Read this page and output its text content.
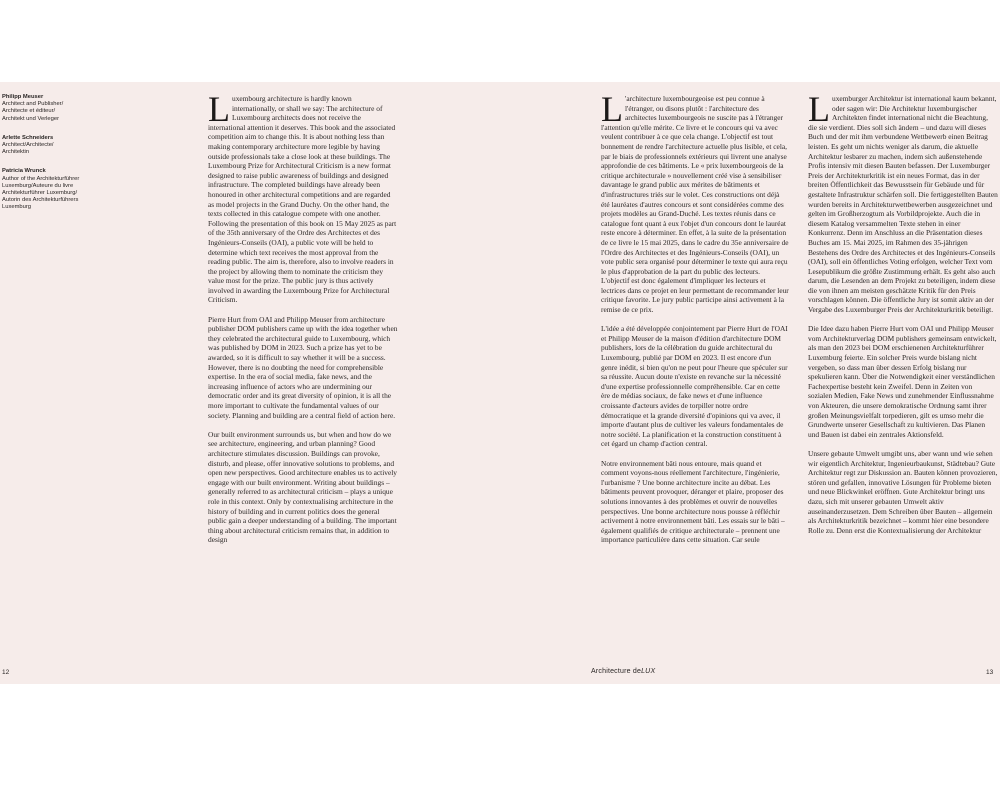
Philipp Meuser
Architect and Publisher/
Architecte et éditeur/
Architekt und Verleger
Arlette Schneiders
Architect/Architecte/
Architektin
Patricia Wrunck
Author of the Architekturführer
Luxemburg/Auteure du livre
Architekturführer Luxemburg/
Autorin des Architekturführers
Luxemburg

Luxembourg architecture is hardly known internationally, or shall we say: The architecture of Luxembourg architects does not receive the international attention it deserves. This book and the associated competition aim to change this. It is about nothing less than making contemporary architecture more legible by having outside professionals take a close look at these buildings. The Luxembourg Prize for Architectural Criticism is a new format designed to raise public awareness of buildings and designed infrastructure. The completed buildings have already been honoured in other architectural competitions and are regarded as model projects in the Grand Duchy. On the other hand, the texts collected in this catalogue compete with one another. Following the presentation of this book on 15 May 2025 as part of the 35th anniversary of the Ordre des Architectes et des Ingénieurs-Conseils (OAI), a public vote will be held to determine which text receives the most approval from the reading public. The aim is, therefore, also to involve readers in the project by allowing them to nominate the criticism they value most for the prize. The public jury is thus actively involved in awarding the Luxembourg Prize for Architectural Criticism.

Pierre Hurt from OAI and Philipp Meuser from architecture publisher DOM publishers came up with the idea together when they celebrated the architectural guide to Luxembourg, which was published by DOM in 2023. Such a prize has yet to be awarded, so it is difficult to say whether it will be a success. However, there is no doubting the need for comprehensible expertise. In the era of social media, fake news, and the increasing influence of actors who are undermining our democratic order and its great diversity of opinion, it is all the more important to cultivate the fundamental values of our society. Planning and building are a central field of action here.

Our built environment surrounds us, but when and how do we see architecture, engineering, and urban planning? Good architecture stimulates discussion. Buildings can provoke, disturb, and please, offer innovative solutions to problems, and open new perspectives. Good architecture enables us to actively engage with our built environment. Writing about buildings – generally referred to as architectural criticism – plays a unique role in this context. Only by contextualising architecture in the history of building and in current politics does the general public gain a deeper understanding of a building. The important thing about architectural criticism remains that, in addition to design

L 'architecture luxembourgeoise est peu connue à l'étranger, ou disons plutôt : l'architecture des architectes luxembourgeois ne suscite pas à l'étranger l'attention qu'elle mérite. Ce livre et le concours qui va avec veulent contribuer à ce que cela change. L'objectif est tout bonnement de rendre l'architecture actuelle plus lisible, et cela, par le biais de professionnels extérieurs qui livrent une analyse approfondie de ces bâtiments. Le « prix luxembourgeois de la critique architecturale » nouvellement créé vise à sensibiliser davantage le grand public aux mérites de bâtiments et d'infrastructures triés sur le volet. Ces constructions ont déjà été lauréates d'autres concours et sont considérées comme des projets modèles au Grand-Duché. Les textes réunis dans ce catalogue font quant à eux l'objet d'un concours dont le lauréat reste encore à déterminer. En effet, à la suite de la présentation de ce livre le 15 mai 2025, dans le cadre du 35e anniversaire de l'Ordre des Architectes et des Ingénieurs-Conseils (OAI), un vote public sera organisé pour déterminer le texte qui aura reçu le plus d'approbation de la part du public des lecteurs. L'objectif est donc également d'impliquer les lecteurs et lectrices dans ce projet en leur permettant de recommander leur critique favorite. Le jury public participe ainsi activement à la remise de ce prix.

L'idée a été développée conjointement par Pierre Hurt de l'OAI et Philipp Meuser de la maison d'édition d'architecture DOM publishers, lors de la célébration du guide architectural du Luxembourg, publié par DOM en 2023. Il est encore d'un genre inédit, si bien qu'on ne peut pour l'heure que spéculer sur sa réussite. Aucun doute n'existe en revanche sur la nécessité d'une expertise professionnelle compréhensible. Car en cette ère de médias sociaux, de fake news et d'une influence croissante d'acteurs avides de torpiller notre ordre démocratique et la grande diversité d'opinions qui va avec, il importe d'autant plus de cultiver les valeurs fondamentales de notre société. La planification et la construction constituent à cet égard un champ d'action central.

Notre environnement bâti nous entoure, mais quand et comment voyons-nous réellement l'architecture, l'ingénierie, l'urbanisme ? Une bonne architecture incite au débat. Les bâtiments peuvent provoquer, déranger et plaire, proposer des solutions innovantes à des problèmes et ouvrir de nouvelles perspectives. Une bonne architecture nous pousse à réfléchir activement à notre environnement bâti. Les essais sur le bâti – également qualifiés de critique architecturale – prennent une importance particulière dans cette situation. Car seule

Luxemburger Architektur ist international kaum bekannt, oder sagen wir: Die Architektur luxemburgischer Architekten findet international nicht die Beachtung, die sie verdient. Dies soll sich ändern – und dazu will dieses Buch und der mit ihm verbundene Wettbewerb einen Beitrag leisten. Es geht um nichts weniger als darum, die aktuelle Architektur lesbarer zu machen, indem sich außenstehende Profis intensiv mit diesen Bauten befassen. Der Luxemburger Preis der Architekturkritik ist ein neues Format, das in der breiten Öffentlichkeit das Bewusstsein für Gebäude und für gestaltete Infrastruktur schärfen soll. Die fertiggestellten Bauten wurden bereits in Architekturwettbewerben ausgezeichnet und gelten im Großherzogtum als Vorbildprojekte. Auch die in diesem Katalog versammelten Texte stehen in einer Konkurrenz. Denn im Anschluss an die Präsentation dieses Buches am 15. Mai 2025, im Rahmen des 35-jährigen Bestehens des Ordre des Architectes et des Ingénieurs-Conseils (OAI), soll ein öffentliches Voting erfolgen, welcher Text vom Lesepublikum die größte Zustimmung erhält. Es geht also auch darum, die Lesenden an dem Projekt zu beteiligen, indem diese die von ihnen am meisten geschätzte Kritik für den Preis vorschlagen können. Die öffentliche Jury ist somit aktiv an der Vergabe des Luxemburger Preis der Architekturkritik beteiligt.

Die Idee dazu haben Pierre Hurt vom OAI und Philipp Meuser vom Architekturverlag DOM publishers gemeinsam entwickelt, als man den 2023 bei DOM erschienenen Architekturführer Luxemburg feierte. Ein solcher Preis wurde bislang nicht vergeben, so dass man über dessen Erfolg bislang nur spekulieren kann. Über die Notwendigkeit einer verständlichen Fachexpertise besteht kein Zweifel. Denn in Zeiten von sozialen Medien, Fake News und zunehmender Einflussnahme von Akteuren, die unsere demokratische Ordnung samt ihrer großen Meinungsvielfalt torpedieren, gilt es umso mehr die Grundwerte unserer Gesellschaft zu kultivieren. Das Planen und Bauen ist dabei ein zentrales Aktionsfeld.

Unsere gebaute Umwelt umgibt uns, aber wann und wie sehen wir eigentlich Architektur, Ingenieurbaukunst, Städtebau? Gute Architektur regt zur Diskussion an. Bauten können provozieren, stören und gefallen, innovative Lösungen für Probleme bieten und neue Blickwinkel eröffnen. Gute Architektur bringt uns dazu, sich mit unserer gebauten Umwelt aktiv auseinanderzusetzen. Dem Schreiben über Bauten – allgemein als Architekturkritik bezeichnet – kommt hier eine besondere Rolle zu. Denn erst die Kontextualisierung der Architektur

12	Architecture deLUX	13
